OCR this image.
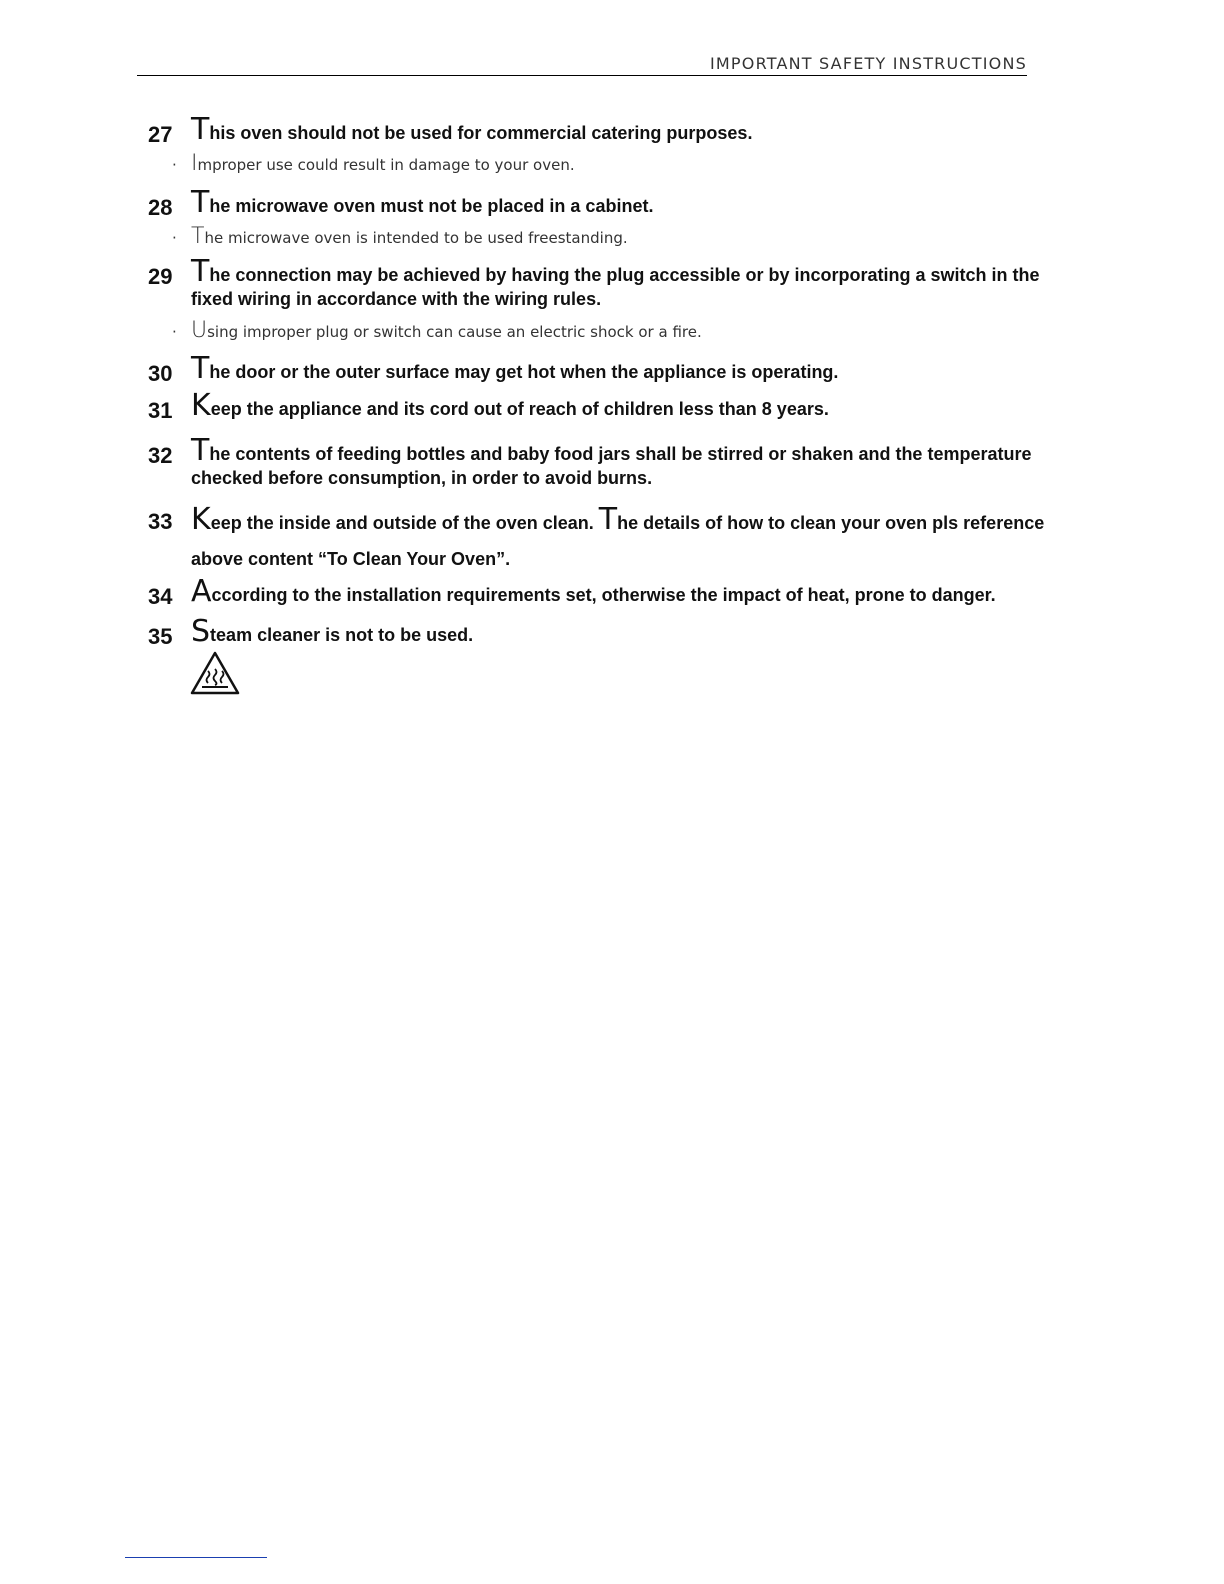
IMPORTANT SAFETY INSTRUCTIONS
27 This oven should not be used for commercial catering purposes.
· Improper use could result in damage to your oven.
28 The microwave oven must not be placed in a cabinet.
· The microwave oven is intended to be used freestanding.
29 The connection may be achieved by having the plug accessible or by incorporating a switch in the fixed wiring in accordance with the wiring rules.
· Using improper plug or switch can cause an electric shock or a fire.
30 The door or the outer surface may get hot when the appliance is operating.
31 Keep the appliance and its cord out of reach of children less than 8 years.
32 The contents of feeding bottles and baby food jars shall be stirred or shaken and the temperature checked before consumption, in order to avoid burns.
33 Keep the inside and outside of the oven clean. The details of how to clean your oven pls reference above content “To Clean Your Oven”.
34 According to the installation requirements set, otherwise the impact of heat, prone to danger.
35 Steam cleaner is not to be used.
